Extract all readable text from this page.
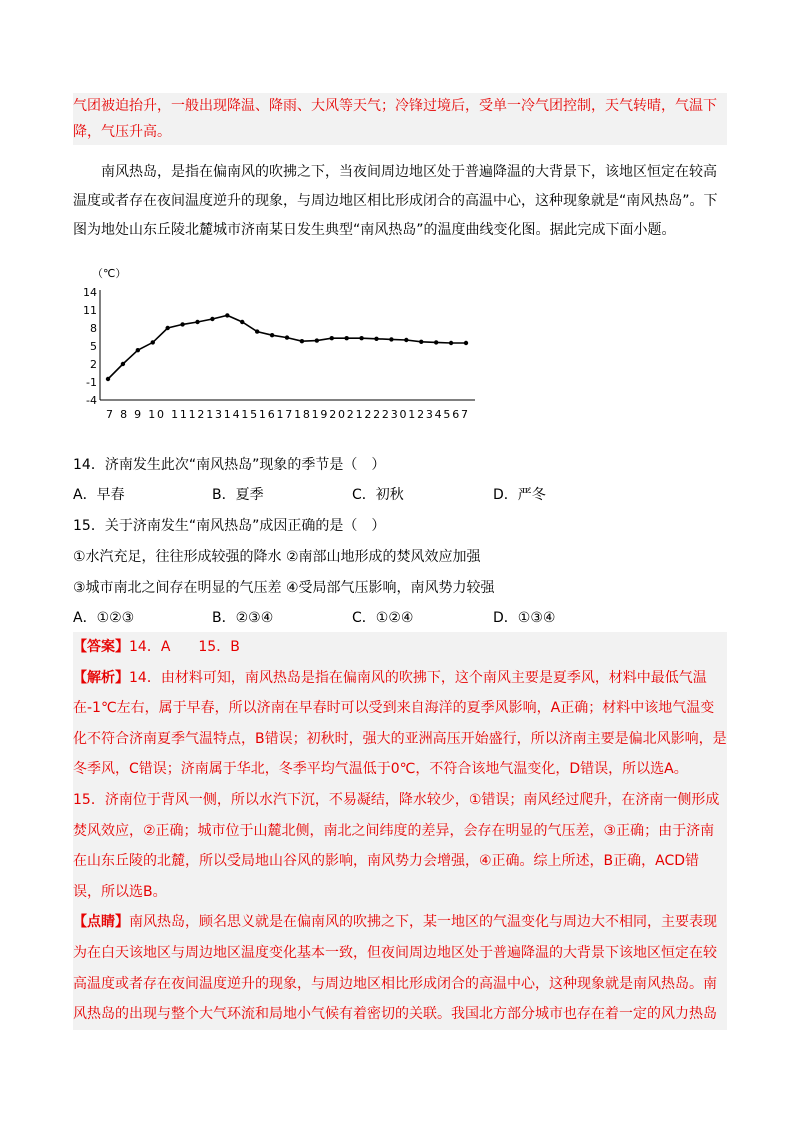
气团被迫抬升，一般出现降温、降雨、大风等天气；冷锋过境后，受单一冷气团控制，天气转晴，气温下降，气压升高。
南风热岛，是指在偏南风的吹拂之下，当夜间周边地区处于普遍降温的大背景下，该地区恒定在较高温度或者存在夜间温度逆升的现象，与周边地区相比形成闭合的高温中心，这种现象就是“南风热岛”。下图为地处山东丘陵北麓城市济南某日发生典型“南风热岛”的温度曲线变化图。据此完成下面小题。
（℃）
14
11
8
5
2
-1
-4
7 8 9 10 1112131415161718192021222301234567
14．济南发生此次“南风热岛”现象的季节是（　）
A．早春	B．夏季	C．初秋	D．严冬
15．关于济南发生“南风热岛”成因正确的是（　）
①水汽充足，往往形成较强的降水 ②南部山地形成的焚风效应加强
③城市南北之间存在明显的气压差 ④受局部气压影响，南风势力较强
A．①②③	B．②③④	C．①②④	D．①③④

【答案】14．A　　15．B

【解析】14．由材料可知，南风热岛是指在偏南风的吹拂下，这个南风主要是夏季风，材料中最低气温在-1℃左右，属于早春，所以济南在早春时可以受到来自海洋的夏季风影响，A正确；材料中该地气温变化不符合济南夏季气温特点，B错误；初秋时，强大的亚洲高压开始盛行，所以济南主要是偏北风影响，是冬季风，C错误；济南属于华北，冬季平均气温低于0℃，不符合该地气温变化，D错误，所以选A。

15．济南位于背风一侧，所以水汽下沉，不易凝结，降水较少，①错误；南风经过爬升，在济南一侧形成焚风效应，②正确；城市位于山麓北侧，南北之间纬度的差异，会存在明显的气压差，③正确；由于济南在山东丘陵的北麓，所以受局地山谷风的影响，南风势力会增强，④正确。综上所述，B正确，ACD错误，所以选B。

【点睛】南风热岛，顾名思义就是在偏南风的吹拂之下，某一地区的气温变化与周边大不相同，主要表现为在白天该地区与周边地区温度变化基本一致，但夜间周边地区处于普遍降温的大背景下该地区恒定在较高温度或者存在夜间温度逆升的现象，与周边地区相比形成闭合的高温中心，这种现象就是南风热岛。南风热岛的出现与整个大气环流和局地小气候有着密切的关联。我国北方部分城市也存在着一定的风力热岛
